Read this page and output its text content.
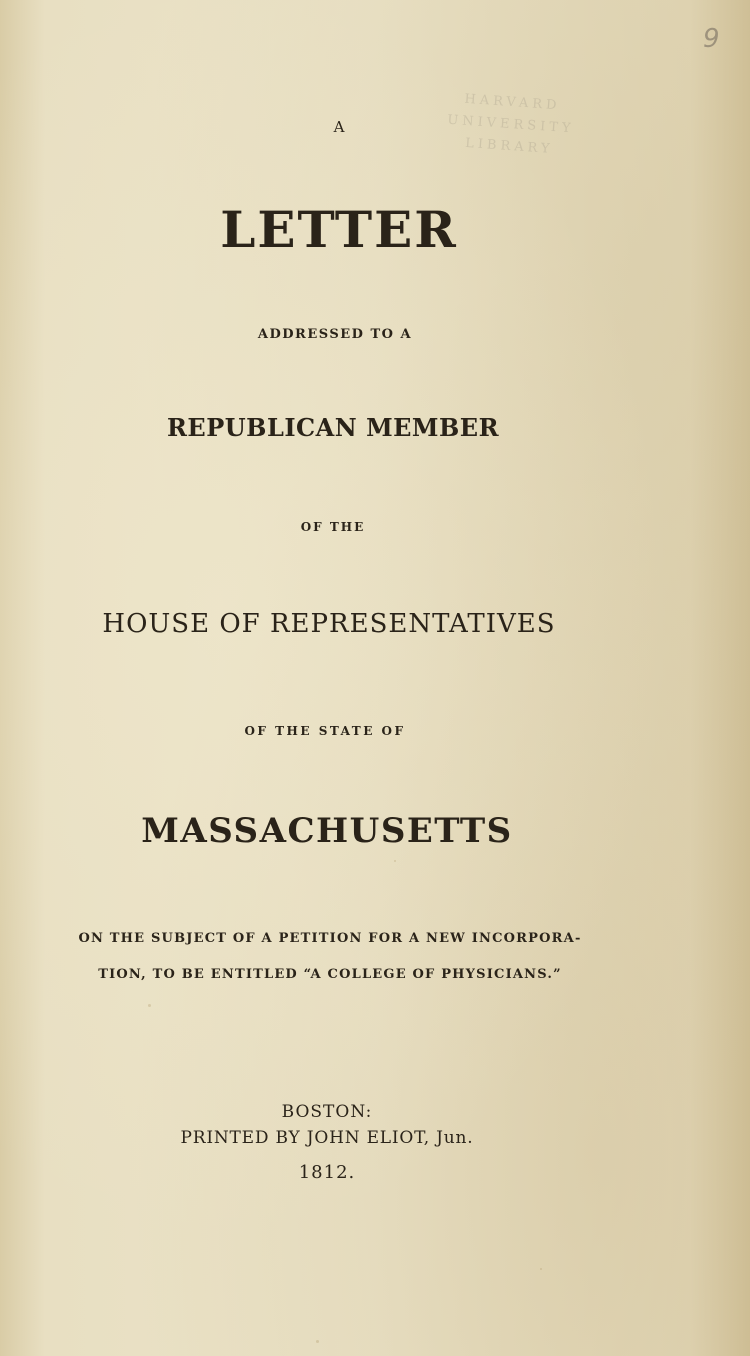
9
HARVARD
UNIVERSITY
LIBRARY
A
LETTER
ADDRESSED TO A
REPUBLICAN MEMBER
OF THE
HOUSE OF REPRESENTATIVES
OF THE STATE OF
MASSACHUSETTS
ON THE SUBJECT OF A PETITION FOR A NEW INCORPORA-
TION, TO BE ENTITLED “A COLLEGE OF PHYSICIANS.”
BOSTON:
PRINTED BY JOHN ELIOT, Jun.
1812.
